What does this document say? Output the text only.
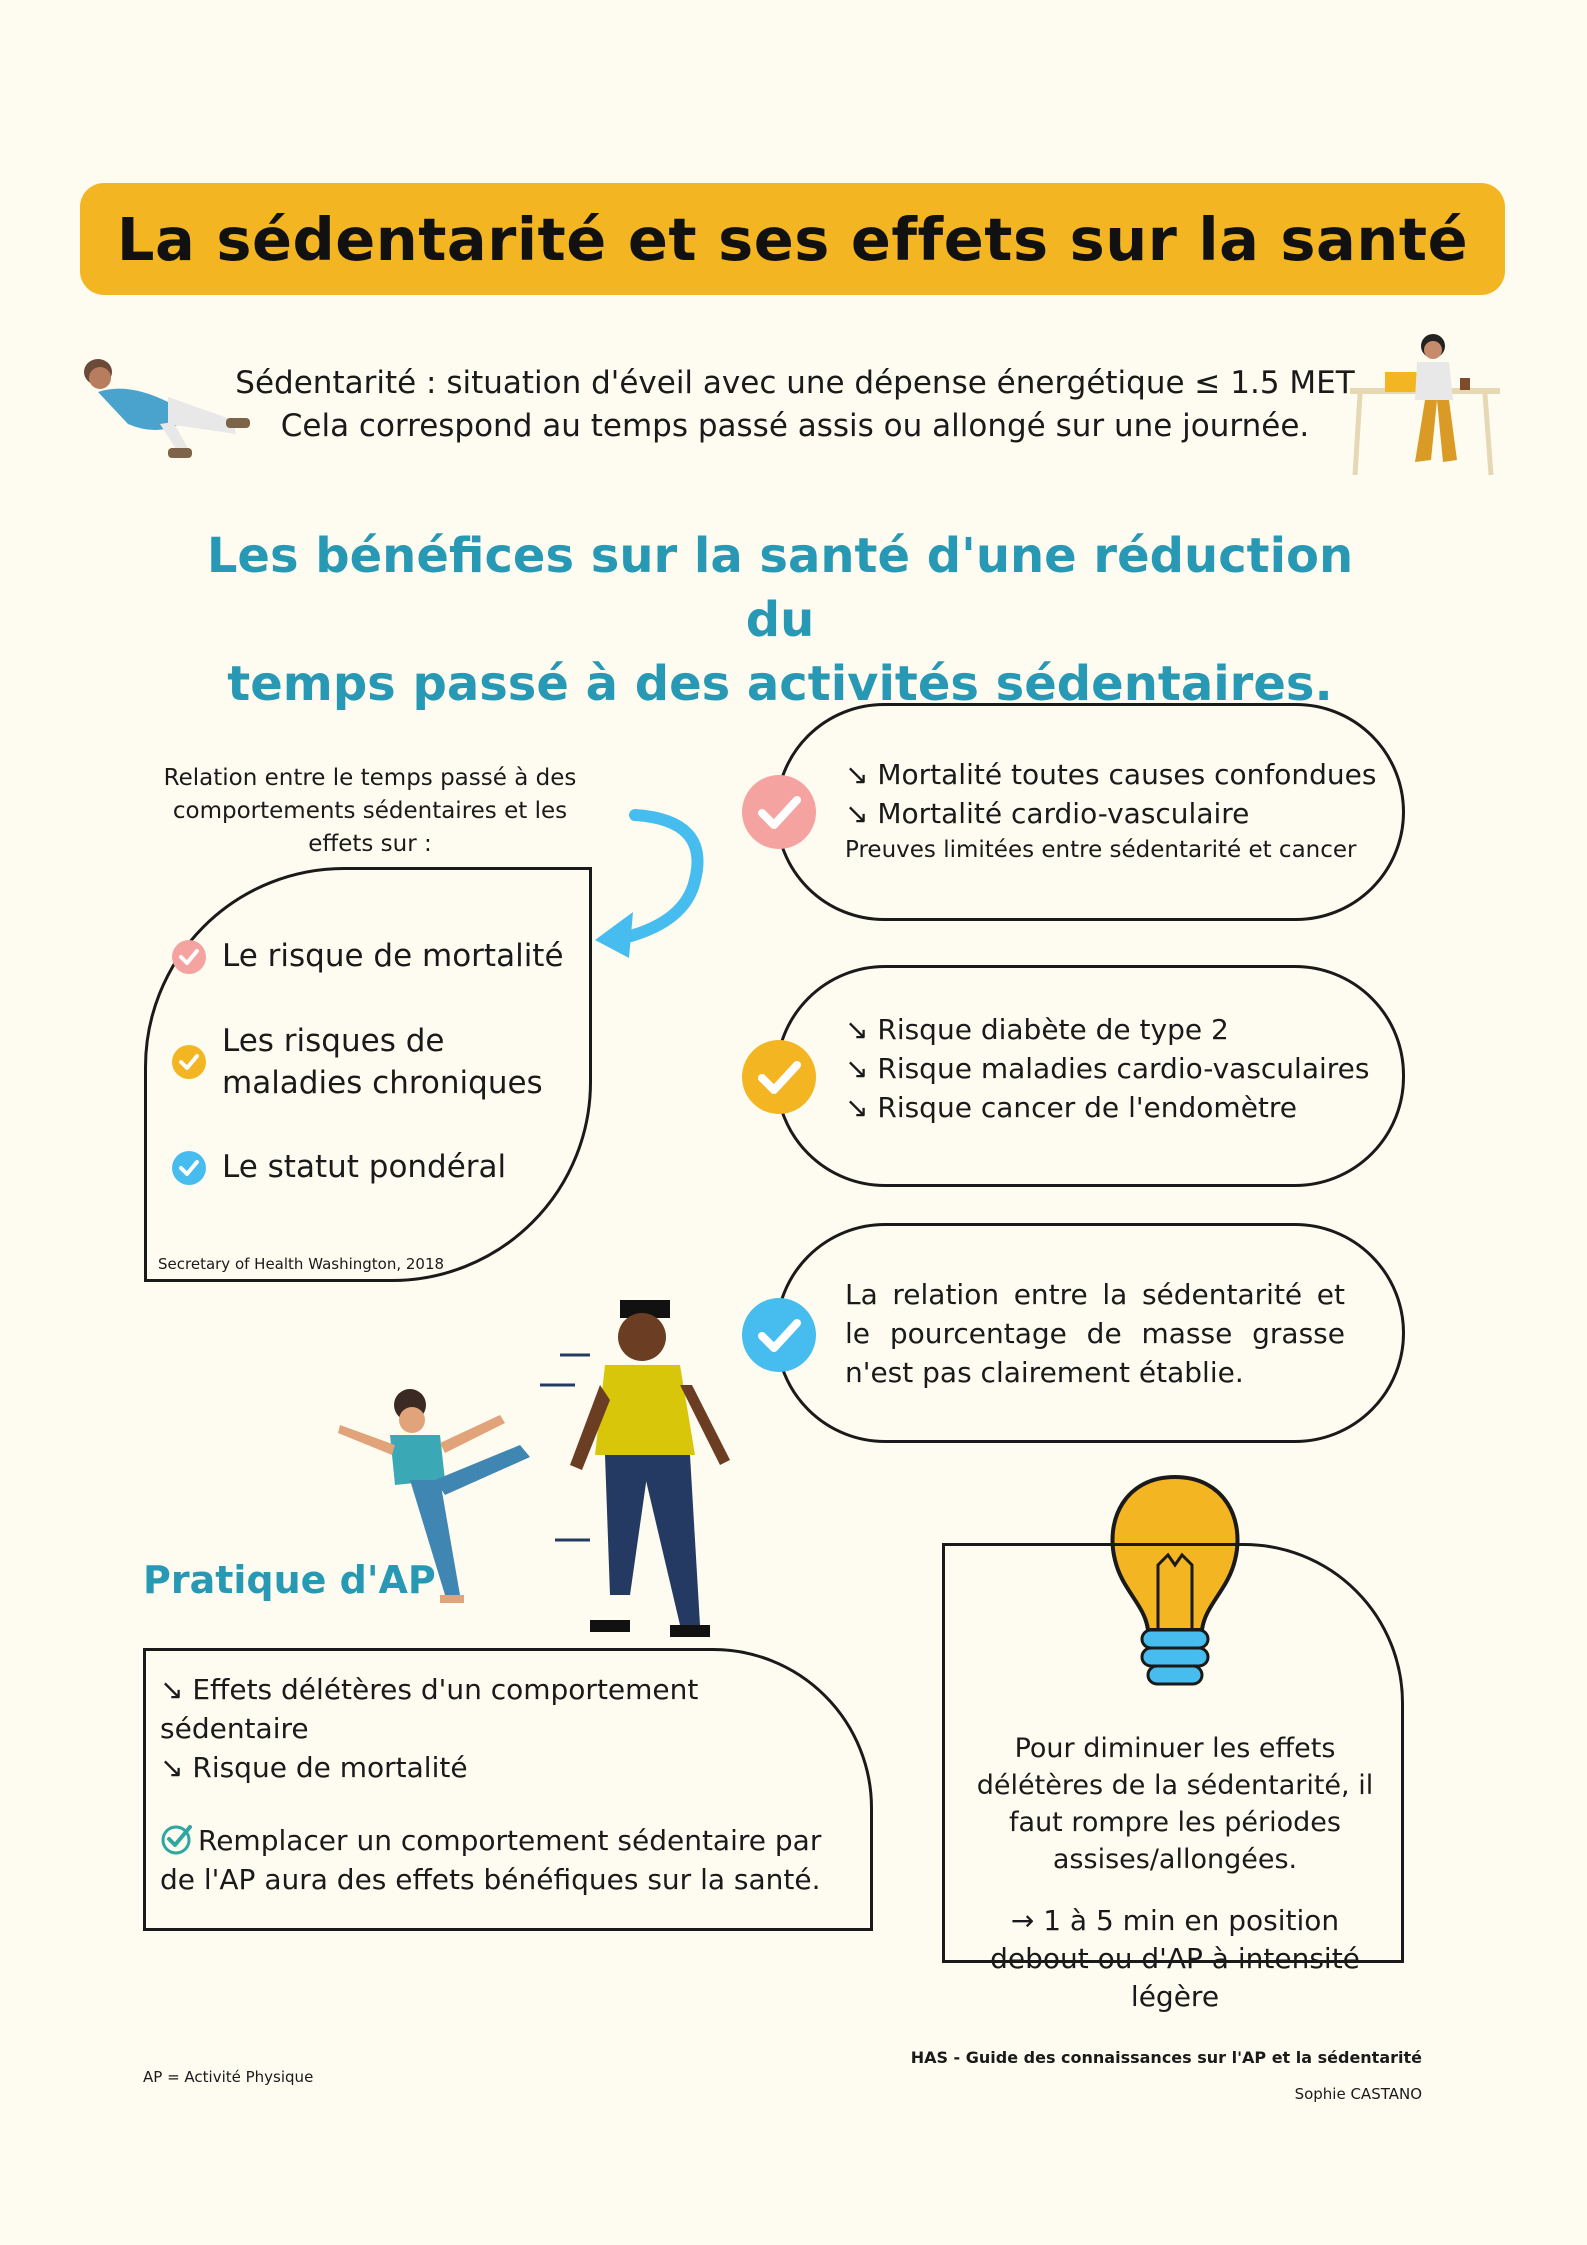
La sédentarité et ses effets sur la santé
Sédentarité : situation d'éveil avec une dépense énergétique ≤ 1.5 MET
Cela correspond au temps passé assis ou allongé sur une journée.
Les bénéfices sur la santé d'une réduction du
temps passé à des activités sédentaires.
Relation entre le temps passé à des comportements sédentaires et les effets sur :
Le risque de mortalité
Les risques de maladies chroniques
Le statut pondéral
Secretary of Health Washington, 2018
↘ Mortalité toutes causes confondues
↘ Mortalité cardio-vasculaire
Preuves limitées entre sédentarité et cancer
↘ Risque diabète de type 2
↘ Risque maladies cardio-vasculaires
↘ Risque cancer de l'endomètre
La relation entre la sédentarité et le pourcentage de masse grasse n'est pas clairement établie.
Pratique d'AP
↘ Effets délétères d'un comportement sédentaire
↘ Risque de mortalité
Remplacer un comportement sédentaire par de l'AP aura des effets bénéfiques sur la santé.
Pour diminuer les effets délétères de la sédentarité, il faut rompre les périodes assises/allongées.
→ 1 à 5 min en position debout ou d'AP à intensité légère
AP = Activité Physique
HAS - Guide des connaissances sur l'AP et la sédentarité
Sophie CASTANO
